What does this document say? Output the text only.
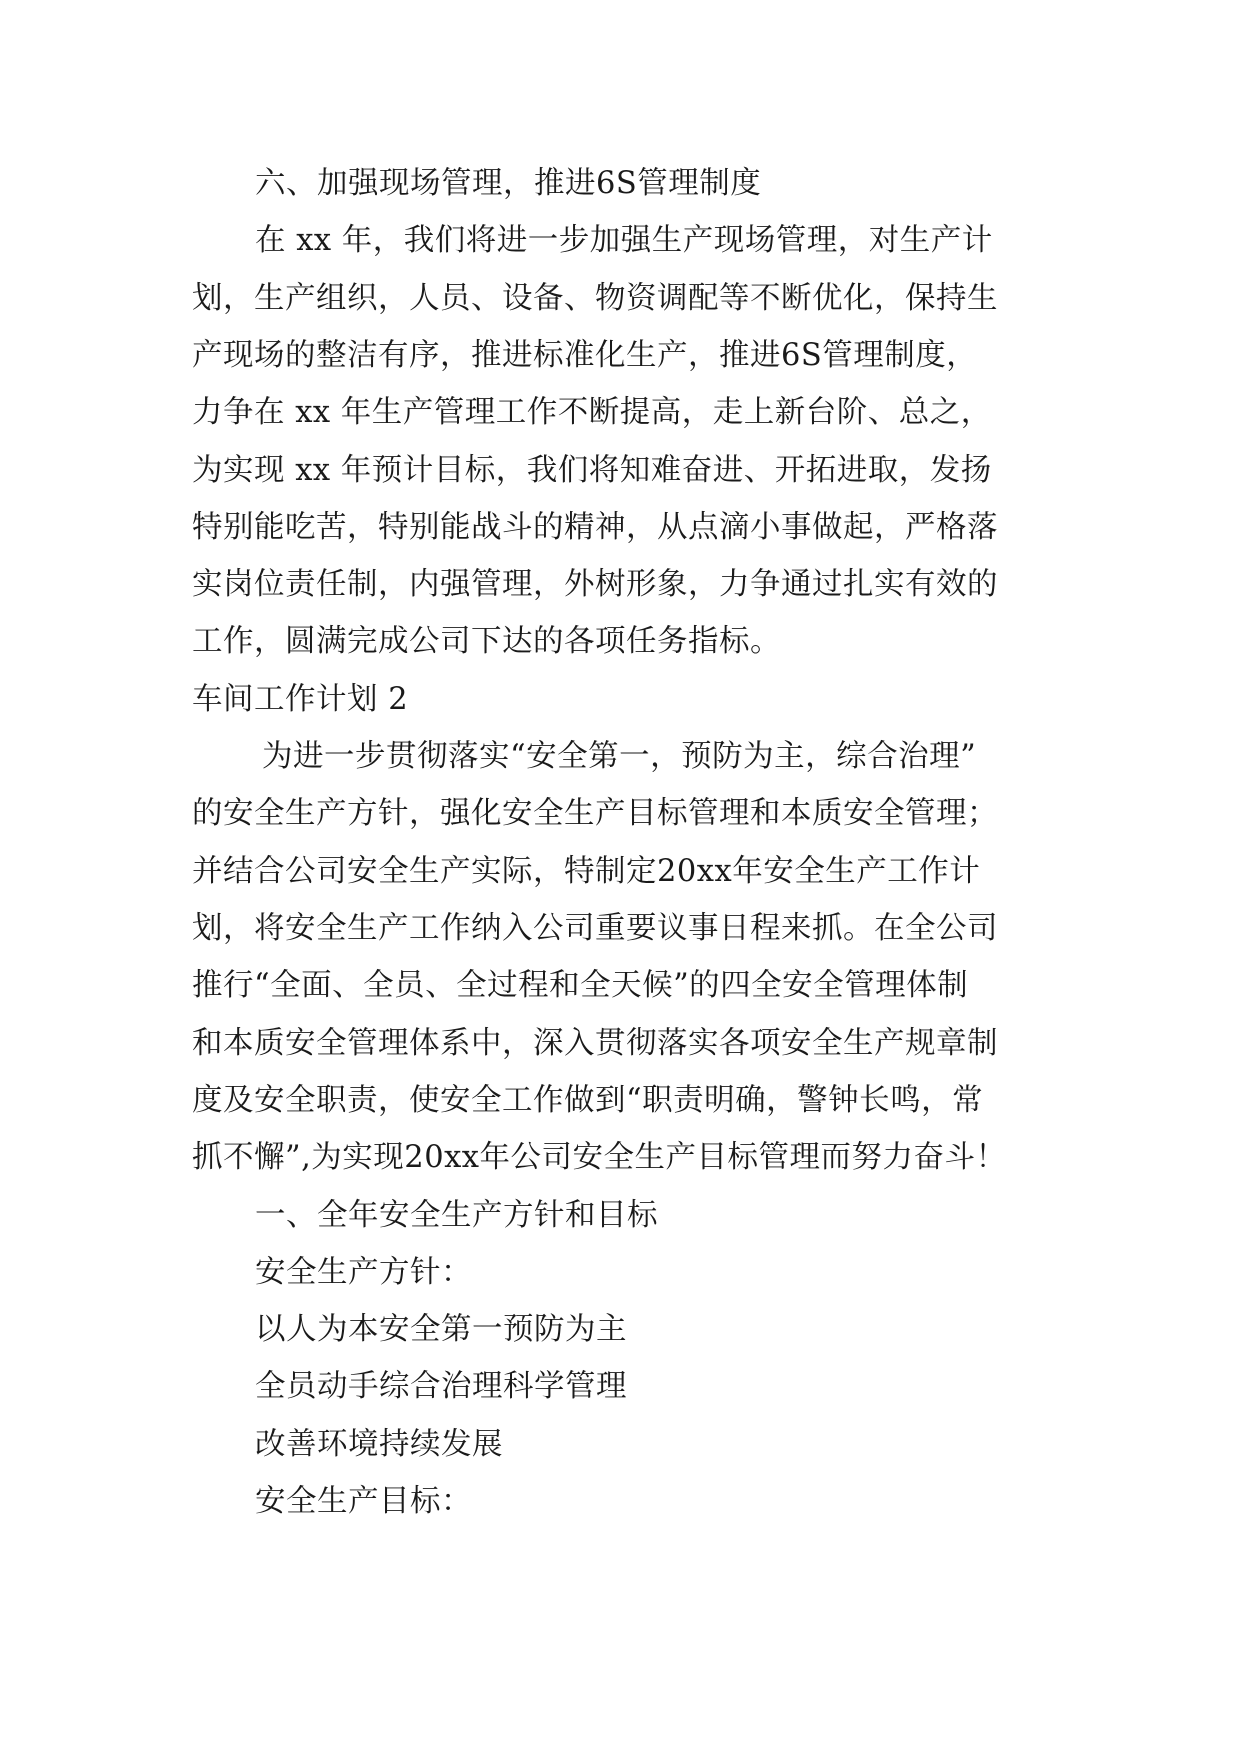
六、加强现场管理，推进6S管理制度
在 xx 年，我们将进一步加强生产现场管理，对生产计
划，生产组织，人员、设备、物资调配等不断优化，保持生
产现场的整洁有序，推进标准化生产，推进6S管理制度，
力争在 xx 年生产管理工作不断提高，走上新台阶、总之，
为实现 xx 年预计目标，我们将知难奋进、开拓进取，发扬
特别能吃苦，特别能战斗的精神，从点滴小事做起，严格落
实岗位责任制，内强管理，外树形象，力争通过扎实有效的
工作，圆满完成公司下达的各项任务指标。
车间工作计划 2
为进一步贯彻落实“安全第一，预防为主，综合治理”
的安全生产方针，强化安全生产目标管理和本质安全管理；
并结合公司安全生产实际，特制定20xx年安全生产工作计
划，将安全生产工作纳入公司重要议事日程来抓。在全公司
推行“全面、全员、全过程和全天候”的四全安全管理体制
和本质安全管理体系中，深入贯彻落实各项安全生产规章制
度及安全职责，使安全工作做到“职责明确，警钟长鸣，常
抓不懈”,为实现20xx年公司安全生产目标管理而努力奋斗！
一、全年安全生产方针和目标
安全生产方针：
以人为本安全第一预防为主
全员动手综合治理科学管理
改善环境持续发展
安全生产目标：
